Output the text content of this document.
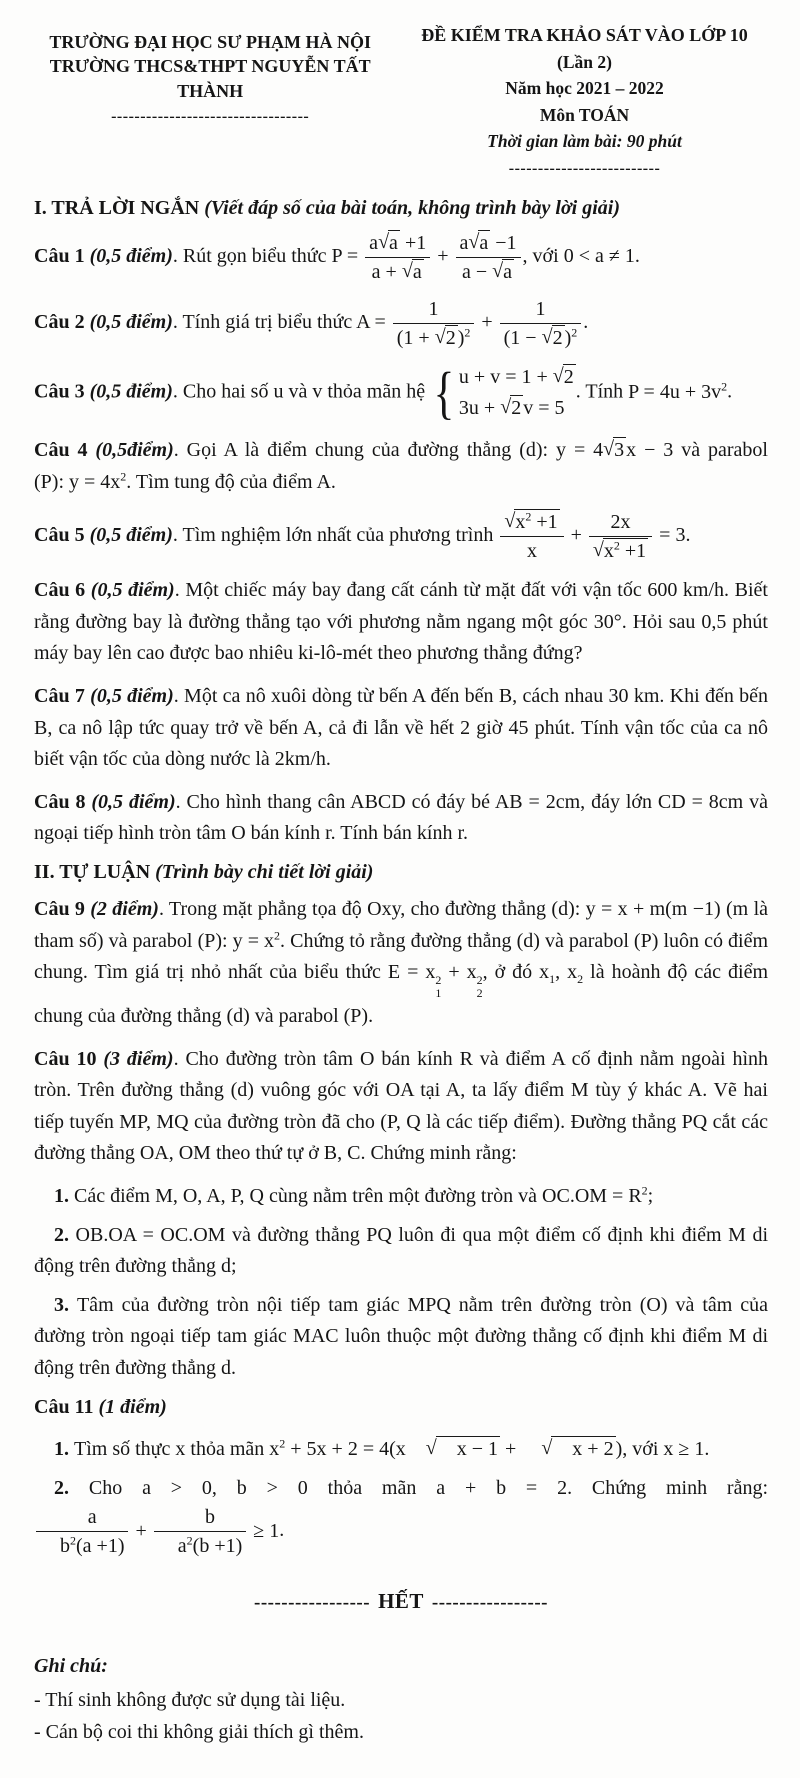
TRƯỜNG ĐẠI HỌC SƯ PHẠM HÀ NỘI
TRƯỜNG THCS&THPT NGUYỄN TẤT THÀNH
----------------------------------
ĐỀ KIỂM TRA KHẢO SÁT VÀO LỚP 10
(Lần 2)
Năm học 2021 – 2022
Môn TOÁN
Thời gian làm bài: 90 phút
--------------------------
I. TRẢ LỜI NGẮN (Viết đáp số của bài toán, không trình bày lời giải)

Câu 1 (0,5 điểm). Rút gọn biểu thức $P = \frac{a√a +1}{a + √a} + \frac{a√a -1}{a - √a}$ , với 0 < a ≠ 1.

Câu 2 (0,5 điểm). Tính giá trị biểu thức $A = \frac{1}{(1 + √2 )^2} + \frac{1}{(1 - √2 )^2}$ .

Câu 3 (0,5 điểm). Cho hai số u và v thỏa mãn hệ { u + v = 1 + √2
3u + √2 v = 5
. Tính $P = 4u + 3v^2$.

Câu 4 (0,5điểm). Gọi A là điểm chung của đường thẳng (d): y = 4√3 x − 3 và parabol (P): $y = 4x^2$. Tìm tung độ của điểm A.

Câu 5 (0,5 điểm). Tìm nghiệm lớn nhất của phương trình $\frac{√x^2 +1}{x} + \frac{2x}{√x^2 +1} = 3$.

Câu 6 (0,5 điểm). Một chiếc máy bay đang cất cánh từ mặt đất với vận tốc 600 km/h. Biết rằng đường bay là đường thẳng tạo với phương nằm ngang một góc 30°. Hỏi sau 0,5 phút máy bay lên cao được bao nhiêu ki-lô-mét theo phương thẳng đứng?

Câu 7 (0,5 điểm). Một ca nô xuôi dòng từ bến A đến bến B, cách nhau 30 km. Khi đến bến B, ca nô lập tức quay trở về bến A, cả đi lẫn về hết 2 giờ 45 phút. Tính vận tốc của ca nô biết vận tốc của dòng nước là 2km/h.

Câu 8 (0,5 điểm). Cho hình thang cân ABCD có đáy bé AB = 2cm, đáy lớn CD = 8cm và ngoại tiếp hình tròn tâm O bán kính r. Tính bán kính r.

II. TỰ LUẬN (Trình bày chi tiết lời giải)

Câu 9 (2 điểm). Trong mặt phẳng tọa độ Oxy, cho đường thẳng (d): y = x + m(m −1) (m là tham số) và parabol (P): $y = x^2$. Chứng tỏ rằng đường thẳng (d) và parabol (P) luôn có điểm chung. Tìm giá trị nhỏ nhất của biểu thức E = x 2
1
+ x 2
2
, ở đó $x_1$, $x_2$ là hoành độ các điểm chung của đường thẳng (d) và parabol (P).

Câu 10 (3 điểm). Cho đường tròn tâm O bán kính R và điểm A cố định nằm ngoài hình tròn. Trên đường thẳng (d) vuông góc với OA tại A, ta lấy điểm M tùy ý khác A. Vẽ hai tiếp tuyến MP, MQ của đường tròn đã cho (P, Q là các tiếp điểm). Đường thẳng PQ cắt các đường thẳng OA, OM theo thứ tự ở B, C. Chứng minh rằng:

1. Các điểm M, O, A, P, Q cùng nằm trên một đường tròn và $OC.OM = R^2$;

2. OB.OA = OC.OM và đường thẳng PQ luôn đi qua một điểm cố định khi điểm M di động trên đường thẳng d;

3. Tâm của đường tròn nội tiếp tam giác MPQ nằm trên đường tròn (O) và tâm của đường tròn ngoại tiếp tam giác MAC luôn thuộc một đường thẳng cố định khi điểm M di động trên đường thẳng d.

Câu 11 (1 điểm)

1. Tìm số thực x thỏa mãn $x^2 + 5x + 2 = 4(x$ √ x − 1 + √ x + 2 ), với x ≥ 1.

2. Cho a > 0, b > 0 thỏa mãn a + b = 2. Chứng minh rằng:
$\frac{a}{b^2(a +1)} + \frac{b}{a^2(b +1)} \ge 1$.

----------------- HẾT -----------------
Ghi chú:
- Thí sinh không được sử dụng tài liệu.
- Cán bộ coi thi không giải thích gì thêm.
